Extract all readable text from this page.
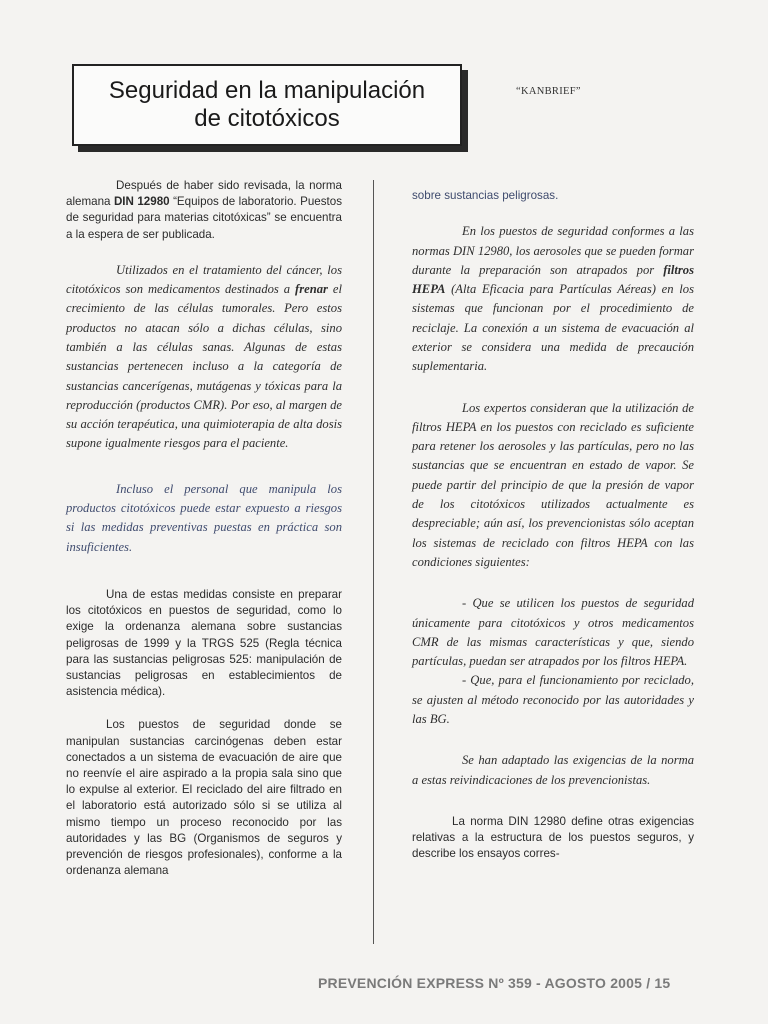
Seguridad en la manipulación
de citotóxicos
“KANBRIEF”

Después de haber sido revisada, la norma alemana DIN 12980 “Equipos de laboratorio. Puestos de seguridad para materias citotóxicas” se encuentra a la espera de ser publicada.

Utilizados en el tratamiento del cáncer, los citotóxicos son medicamentos destinados a frenar el crecimiento de las células tumorales. Pero estos productos no atacan sólo a dichas células, sino también a las células sanas. Algunas de estas sustancias pertenecen incluso a la categoría de sustancias cancerígenas, mutágenas y tóxicas para la reproducción (productos CMR). Por eso, al margen de su acción terapéutica, una quimioterapia de alta dosis supone igualmente riesgos para el paciente.

Incluso el personal que manipula los productos citotóxicos puede estar expuesto a riesgos si las medidas preventivas puestas en práctica son insuficientes.

Una de estas medidas consiste en preparar los citotóxicos en puestos de seguridad, como lo exige la ordenanza alemana sobre sustancias peligrosas de 1999 y la TRGS 525 (Regla técnica para las sustancias peligrosas 525: manipulación de sustancias peligrosas en establecimientos de asistencia médica).

Los puestos de seguridad donde se manipulan sustancias carcinógenas deben estar conectados a un sistema de evacuación de aire que no reenvíe el aire aspirado a la propia sala sino que lo expulse al exterior. El reciclado del aire filtrado en el laboratorio está autorizado sólo si se utiliza al mismo tiempo un proceso reconocido por las autoridades y las BG (Organismos de seguros y prevención de riesgos profesionales), conforme a la ordenanza alemana

sobre sustancias peligrosas.

En los puestos de seguridad conformes a las normas DIN 12980, los aerosoles que se pueden formar durante la preparación son atrapados por filtros HEPA (Alta Eficacia para Partículas Aéreas) en los sistemas que funcionan por el procedimiento de reciclaje. La conexión a un sistema de evacuación al exterior se considera una medida de precaución suplementaria.

Los expertos consideran que la utilización de filtros HEPA en los puestos con reciclado es suficiente para retener los aerosoles y las partículas, pero no las sustancias que se encuentran en estado de vapor. Se puede partir del principio de que la presión de vapor de los citotóxicos utilizados actualmente es despreciable; aún así, los prevencionistas sólo aceptan los sistemas de reciclado con filtros HEPA con las condiciones siguientes:

- Que se utilicen los puestos de seguridad únicamente para citotóxicos y otros medicamentos CMR de las mismas características y que, siendo partículas, puedan ser atrapados por los filtros HEPA.

- Que, para el funcionamiento por reciclado, se ajusten al método reconocido por las autoridades y las BG.

Se han adaptado las exigencias de la norma a estas reivindicaciones de los prevencionistas.

La norma DIN 12980 define otras exigencias relativas a la estructura de los puestos seguros, y describe los ensayos corres-

PREVENCIÓN EXPRESS Nº 359 - AGOSTO 2005 / 15
